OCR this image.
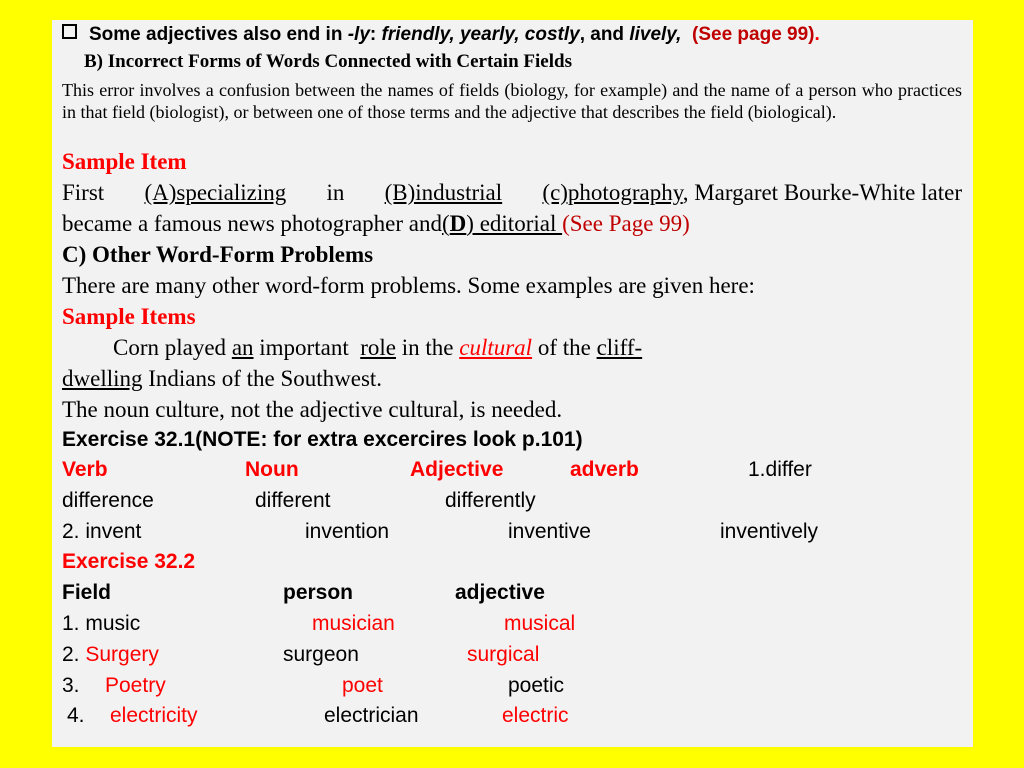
Some adjectives also end in -ly: friendly, yearly, costly, and lively, (See page 99).
B) Incorrect Forms of Words Connected with Certain Fields
This error involves a confusion between the names of fields (biology, for example) and the name of a person who practices in that field (biologist), or between one of those terms and the adjective that describes the field (biological).
Sample Item
First (A)specializing in (B)industrial (c)photography, Margaret Bourke-White later
became a famous news photographer and(D) editorial (See Page 99)
C) Other Word-Form Problems
There are many other word-form problems. Some examples are given here:
Sample Items
Corn played an important  role in the cultural of the cliff-
dwelling Indians of the Southwest.
The noun culture, not the adjective cultural, is needed.
Exercise 32.1(NOTE: for extra excercires look p.101)
Verb	Noun	Adjective	adverb	1.differ
difference	different	differently
2. invent	invention	inventive	inventively
Exercise 32.2
Field	person	adjective
1. music	musician	musical
2. Surgery	surgeon	surgical
3. Poetry	poet	poetic
4. electricity	electrician	electric
